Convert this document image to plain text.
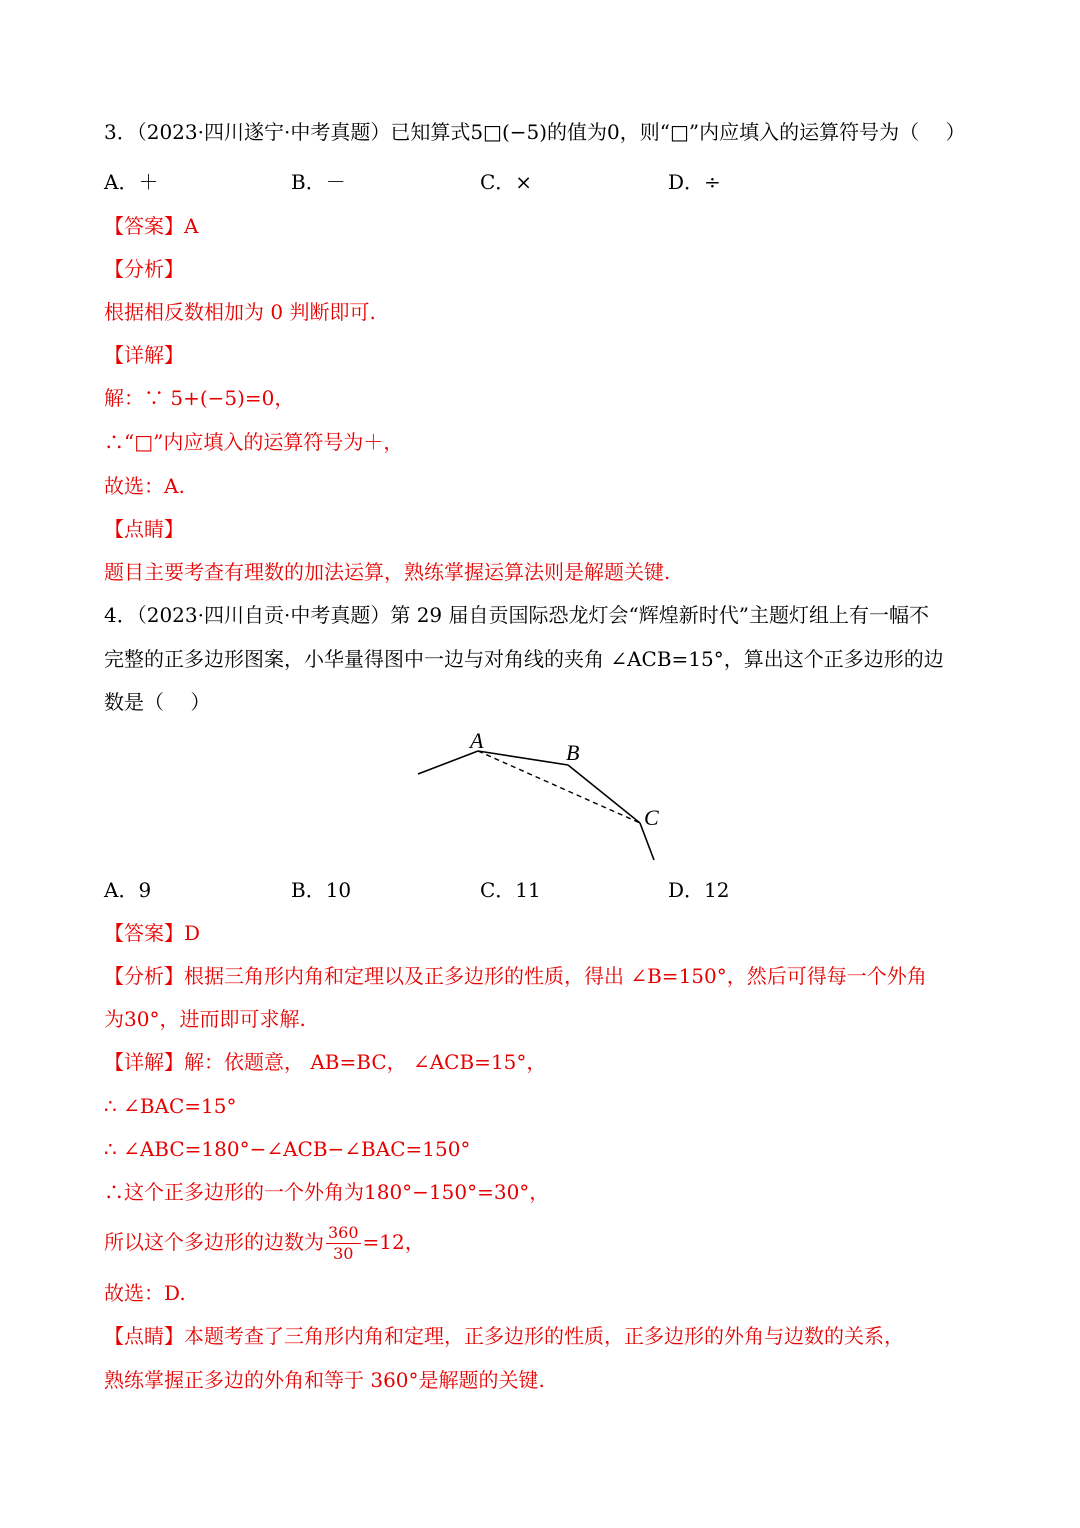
3．（2023·四川遂宁·中考真题）已知算式5□(−5)的值为0，则“□”内应填入的运算符号为（　 ）
A．＋	B．－	C．×	D．÷
【答案】A
【分析】
根据相反数相加为 0 判断即可.
【详解】
解：∵ 5+(−5)=0，
∴“□”内应填入的运算符号为＋，
故选：A.
【点睛】
题目主要考查有理数的加法运算，熟练掌握运算法则是解题关键.
4．（2023·四川自贡·中考真题）第 29 届自贡国际恐龙灯会“辉煌新时代”主题灯组上有一幅不
完整的正多边形图案，小华量得图中一边与对角线的夹角 ∠ACB=15°，算出这个正多边形的边
数是（　 ）
A	B
C
A．9	B．10	C．11	D．12
【答案】D
【分析】根据三角形内角和定理以及正多边形的性质，得出 ∠B=150°，然后可得每一个外角
为30°，进而即可求解.
【详解】解：依题意， AB=BC， ∠ACB=15°，
∴ ∠BAC=15°
∴ ∠ABC=180°−∠ACB−∠BAC=150°
∴这个正多边形的一个外角为180°−150°=30°，
所以这个多边形的边数为 $\frac{360}{30} =12$，
故选：D.
【点睛】本题考查了三角形内角和定理，正多边形的性质，正多边形的外角与边数的关系，
熟练掌握正多边的外角和等于 360°是解题的关键.
